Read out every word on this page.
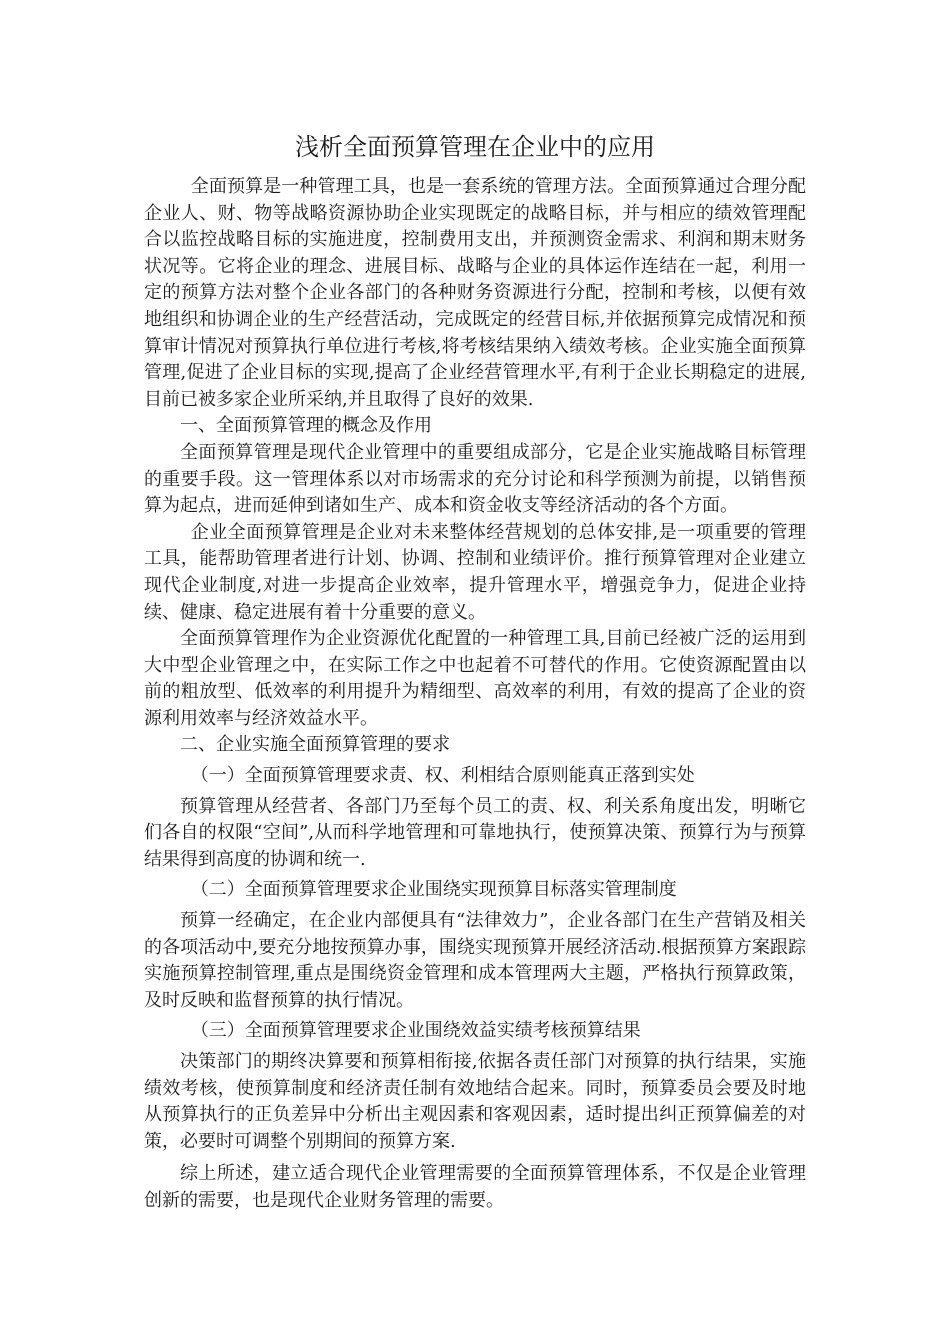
浅析全面预算管理在企业中的应用

全面预算是一种管理工具，也是一套系统的管理方法。全面预算通过合理分配企业人、财、物等战略资源协助企业实现既定的战略目标，并与相应的绩效管理配合以监控战略目标的实施进度，控制费用支出，并预测资金需求、利润和期末财务状况等。它将企业的理念、进展目标、战略与企业的具体运作连结在一起，利用一定的预算方法对整个企业各部门的各种财务资源进行分配，控制和考核，以便有效地组织和协调企业的生产经营活动，完成既定的经营目标,并依据预算完成情况和预算审计情况对预算执行单位进行考核,将考核结果纳入绩效考核。企业实施全面预算管理,促进了企业目标的实现,提高了企业经营管理水平,有利于企业长期稳定的进展,目前已被多家企业所采纳,并且取得了良好的效果.

一、全面预算管理的概念及作用

全面预算管理是现代企业管理中的重要组成部分，它是企业实施战略目标管理的重要手段。这一管理体系以对市场需求的充分讨论和科学预测为前提，以销售预算为起点，进而延伸到诸如生产、成本和资金收支等经济活动的各个方面。

企业全面预算管理是企业对未来整体经营规划的总体安排,是一项重要的管理工具，能帮助管理者进行计划、协调、控制和业绩评价。推行预算管理对企业建立现代企业制度,对进一步提高企业效率，提升管理水平，增强竞争力，促进企业持续、健康、稳定进展有着十分重要的意义。

全面预算管理作为企业资源优化配置的一种管理工具,目前已经被广泛的运用到大中型企业管理之中，在实际工作之中也起着不可替代的作用。它使资源配置由以前的粗放型、低效率的利用提升为精细型、高效率的利用，有效的提高了企业的资源利用效率与经济效益水平。

二、企业实施全面预算管理的要求
（一）全面预算管理要求责、权、利相结合原则能真正落到实处

预算管理从经营者、各部门乃至每个员工的责、权、利关系角度出发，明晰它们各自的权限“空间”,从而科学地管理和可靠地执行，使预算决策、预算行为与预算结果得到高度的协调和统一.

（二）全面预算管理要求企业围绕实现预算目标落实管理制度

预算一经确定，在企业内部便具有“法律效力”，企业各部门在生产营销及相关的各项活动中,要充分地按预算办事，围绕实现预算开展经济活动.根据预算方案跟踪实施预算控制管理,重点是围绕资金管理和成本管理两大主题，严格执行预算政策，及时反映和监督预算的执行情况。

（三）全面预算管理要求企业围绕效益实绩考核预算结果

决策部门的期终决算要和预算相衔接,依据各责任部门对预算的执行结果，实施绩效考核，使预算制度和经济责任制有效地结合起来。同时，预算委员会要及时地从预算执行的正负差异中分析出主观因素和客观因素，适时提出纠正预算偏差的对策，必要时可调整个别期间的预算方案.

综上所述，建立适合现代企业管理需要的全面预算管理体系，不仅是企业管理创新的需要，也是现代企业财务管理的需要。
